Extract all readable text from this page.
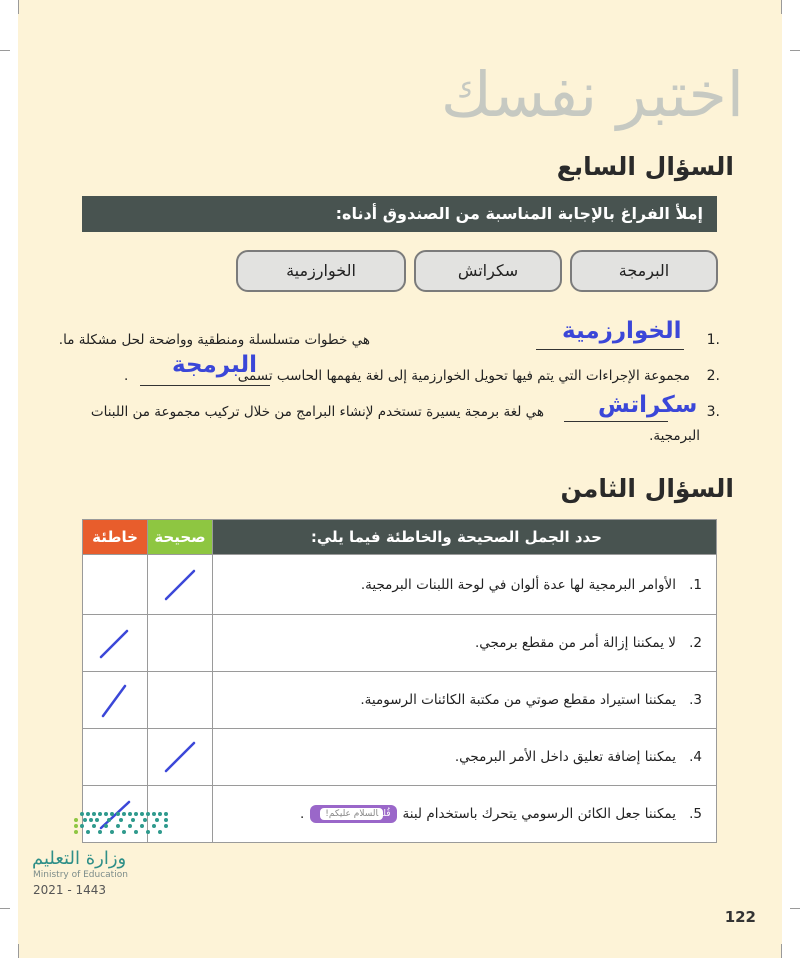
اختبر نفسك
السؤال السابع
إملأ الفراغ بالإجابة المناسبة من الصندوق أدناه:
البرمجة
سكراتش
الخوارزمية
1.
هي خطوات متسلسلة ومنطقية وواضحة لحل مشكلة ما.	الخوارزمية
2.
مجموعة الإجراءات التي يتم فيها تحويل الخوارزمية إلى لغة يفهمها الحاسب تسمى
. البرمجة
3.
هي لغة برمجة يسيرة تستخدم لإنشاء البرامج من خلال تركيب مجموعة من اللبنات سكراتش
البرمجية.
السؤال الثامن
خاطئة	صحيحة	حدد الجمل الصحيحة والخاطئة فيما يلي:

	1.الأوامر البرمجية لها عدة ألوان في لوحة اللبنات البرمجية.

		2.لا يمكننا إزالة أمر من مقطع برمجي.

		3.يمكننا استيراد مقطع صوتي من مكتبة الكائنات الرسومية.

	4.يمكننا إضافة تعليق داخل الأمر البرمجي.

		5.يمكننا جعل الكائن الرسومي يتحرك باستخدام لبنةقُلالسلام عليكم!.
وزارة التعليم
Ministry of Education
2021 - 1443
122
